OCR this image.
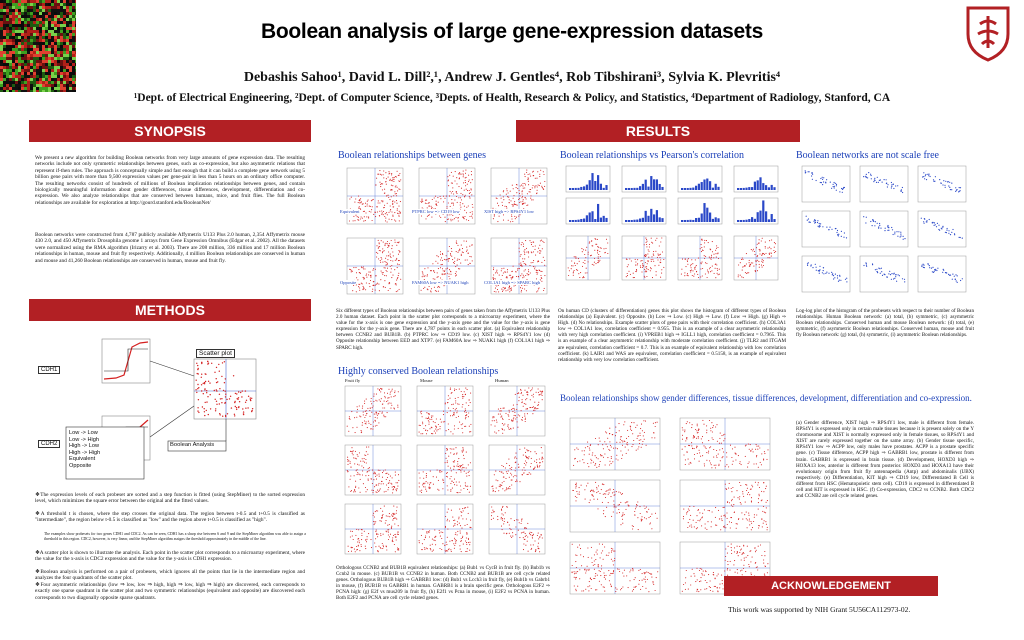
Boolean analysis of large gene-expression datasets
Debashis Sahoo¹, David L. Dill²,¹, Andrew J. Gentles⁴, Rob Tibshirani³, Sylvia K. Plevritis⁴
¹Dept. of Electrical Engineering, ²Dept. of Computer Science, ³Depts. of Health, Research & Policy, and Statistics, ⁴Department of Radiology, Stanford, CA
SYNOPSIS
We present a new algorithm for building Boolean networks from very large amounts of gene expression data. The resulting networks include not only symmetric relationships between genes, such as co-expression, but also asymmetric relations that represent if-then rules. The approach is conceptually simple and fast enough that it can build a complete gene network using 5 billion gene pairs with more than 9,500 expression values per gene-pair in less than 5 hours on an ordinary office computer. The resulting networks consist of hundreds of millions of Boolean implication relationships between genes, and contain biologically meaningful information about gender differences, tissue differences, development, differentiation and co-expression. We also analyze relationships that are conserved between humans, mice, and fruit flies. The full Boolean relationships are available for exploration at http://gourd.stanford.edu/BooleanNet/
Boolean networks were constructed from 4,787 publicly available Affymetrix U133 Plus 2.0 human, 2,354 Affymetrix mouse 430 2.0, and 450 Affymetrix Drosophila genome 1 arrays from Gene Expression Omnibus (Edgar et al. 2002). All the datasets were normalized using the RMA algorithm (Irizarry et al. 2003). There are 208 million, 336 million and 17 million Boolean relationships in human, mouse and fruit fly respectively. Additionally, 4 million Boolean relationships are conserved in human and mouse and 41,260 Boolean relationships are conserved in human, mouse and fruit fly.
METHODS
CDH1
CDH2
Scatter plot
Low -> Low
Low -> High
High -> Low
High -> High
Equivalent
Opposite
Boolean Analysis
❖The expression levels of each probeset are sorted and a step function is fitted (using StepMiner) to the sorted expression level, which minimizes the square error between the original and the fitted values.
❖A threshold t is chosen, where the step crosses the original data. The region between t-0.5 and t+0.5 is classified as "intermediate", the region below t-0.5 is classified as "low" and the region above t+0.5 is classified as "high".
The examples show probesets for two genes CDH1 and CDC2. As can be seen, CDH1 has a sharp rise between 6 and 9 and the StepMiner algorithm was able to assign a threshold in this region. CDC2, however, is very linear, and the StepMiner algorithm assigns the threshold approximately in the middle of the line.
❖A scatter plot is shown to illustrate the analysis. Each point in the scatter plot corresponds to a microarray experiment, where the value for the x-axis is CDC2 expression and the value for the y-axis is CDH1 expression.
❖Boolean analysis is performed on a pair of probesets, which ignores all the points that lie in the intermediate region and analyzes the four quadrants of the scatter plot.
❖Four asymmetric relationships (low ⇒ low, low ⇒ high, high ⇒ low, high ⇒ high) are discovered, each corresponds to exactly one sparse quadrant in the scatter plot and two symmetric relationships (equivalent and opposite) are discovered each corresponds to two diagonally opposite sparse quadrants.
RESULTS
Boolean relationships between genes	Boolean relationships vs Pearson's correlation	Boolean networks are not scale free
Equivalent	PTPRC low => CD19 low	XIST high => RPS4Y1 low
Opposite	FAM60A low => NUAK1 high	COL1A1 high => SPARC high
Six different types of Boolean relationships between pairs of genes taken from the Affymetrix U133 Plus 2.0 human dataset. Each point in the scatter plot corresponds to a microarray experiment, where the value for the x-axis is one gene expression and the y-axis gene and the value for the y-axis is gene expression for the y-axis gene. There are 4,787 points in each scatter plot. (a) Equivalent relationship between CCNB2 and BUB1B. (b) PTPRC low ⇒ CD19 low. (c) XIST high ⇒ RPS4Y1 low (d) Opposite relationship between EED and XTP7. (e) FAM60A low ⇒ NUAK1 high (f) COL1A1 high ⇒ SPARC high.
On human CD (clusters of differentiation) genes this plot shows the histogram of different types of Boolean relationships (a) Equivalent. (c) Opposite. (b) Low ⇒ Low. (c) High ⇒ Low. (f) Low ⇒ High. (g) High ⇒ High. (d) No relationships. Example scatter plots of gene pairs with their correlation coefficient. (h) COL3A1 low ⇒ COL1A1 low, correlation coefficient = 0.955. This is an example of a clear asymmetric relationship with very high correlation coefficient. (i) VPREB1 high ⇒ IGLL1 high, correlation coefficient = 0.7965. This is an example of a clear asymmetric relationship with moderate correlation coefficient. (j) TLR2 and ITGAM are equivalent, correlation coefficient = 0.7. This is an example of equivalent relationship with low correlation coefficient. (k) LAIR1 and WAS are equivalent, correlation coefficient = 0.5158, is an example of equivalent relationship with very low correlation coefficient.
Log-log plot of the histogram of the probesets with respect to their number of Boolean relationships. Human Boolean network: (a) total, (b) symmetric, (c) asymmetric Boolean relationships. Conserved human and mouse Boolean network: (d) total, (e) symmetric, (f) asymmetric Boolean relationships. Conserved human, mouse and fruit fly Boolean network: (g) total, (h) symmetric, (i) asymmetric Boolean relationships.
Highly conserved Boolean relationships
Boolean relationships show gender differences, tissue differences, development, differentiation and co-expression.
Fruit fly	Mouse	Human
Orthologous CCNB2 and BUB1B equivalent relationships: (a) Bub1 vs CycB in fruit fly. (b) Bub1b vs Ccnb2 in mouse. (c) BUB1B vs CCNB2 in human. Both CCNB2 and BUB1B are cell cycle related genes. Orthologous BUB1B high ⇒ GABRB1 low: (d) Bub1 vs Lcch3 in fruit fly, (e) Bub1b vs Gabrb1 in mouse, (f) BUB1B vs GABRB1 in human. GABRB1 is a brain specific gene. Orthologous E2F2 ⇒ PCNA high: (g) E2f vs mus209 in fruit fly, (h) E2f1 vs Pcna in mouse, (i) E2F2 vs PCNA in human. Both E2F2 and PCNA are cell cycle related genes.
(a) Gender difference, XIST high ⇒ RPS4Y1 low, male is different from female. RPS4Y1 is expressed only in certain male tissues because it is present solely on the Y chromosome and XIST is normally expressed only in female tissues, so RPS4Y1 and XIST are rarely expressed together on the same array. (b) Gender tissue specific, RPS4Y1 low ⇒ ACPP low, only males have prostates. ACPP is a prostate specific gene. (c) Tissue difference, ACPP high ⇒ GABRB1 low, prostate is different from brain. GABRB1 is expressed in brain tissue. (d) Development, HOXD3 high ⇒ HOXA13 low, anterior is different from posterior. HOXD3 and HOXA13 have their evolutionary origin from fruit fly antennapedia (Antp) and abdominalis (UBX) respectively. (e) Differentiation, KIT high ⇒ CD19 low, Differentiated B Cell is different from HSC (Hematopoietic stem cell). CD19 is expressed in differentiated B cell and KIT is expressed in HSC. (f) Co-expression, CDC2 vs CCNB2. Both CDC2 and CCNB2 are cell cycle related genes.
ACKNOWLEDGEMENT
This work was supported by NIH Grant 5U56CA112973-02.
